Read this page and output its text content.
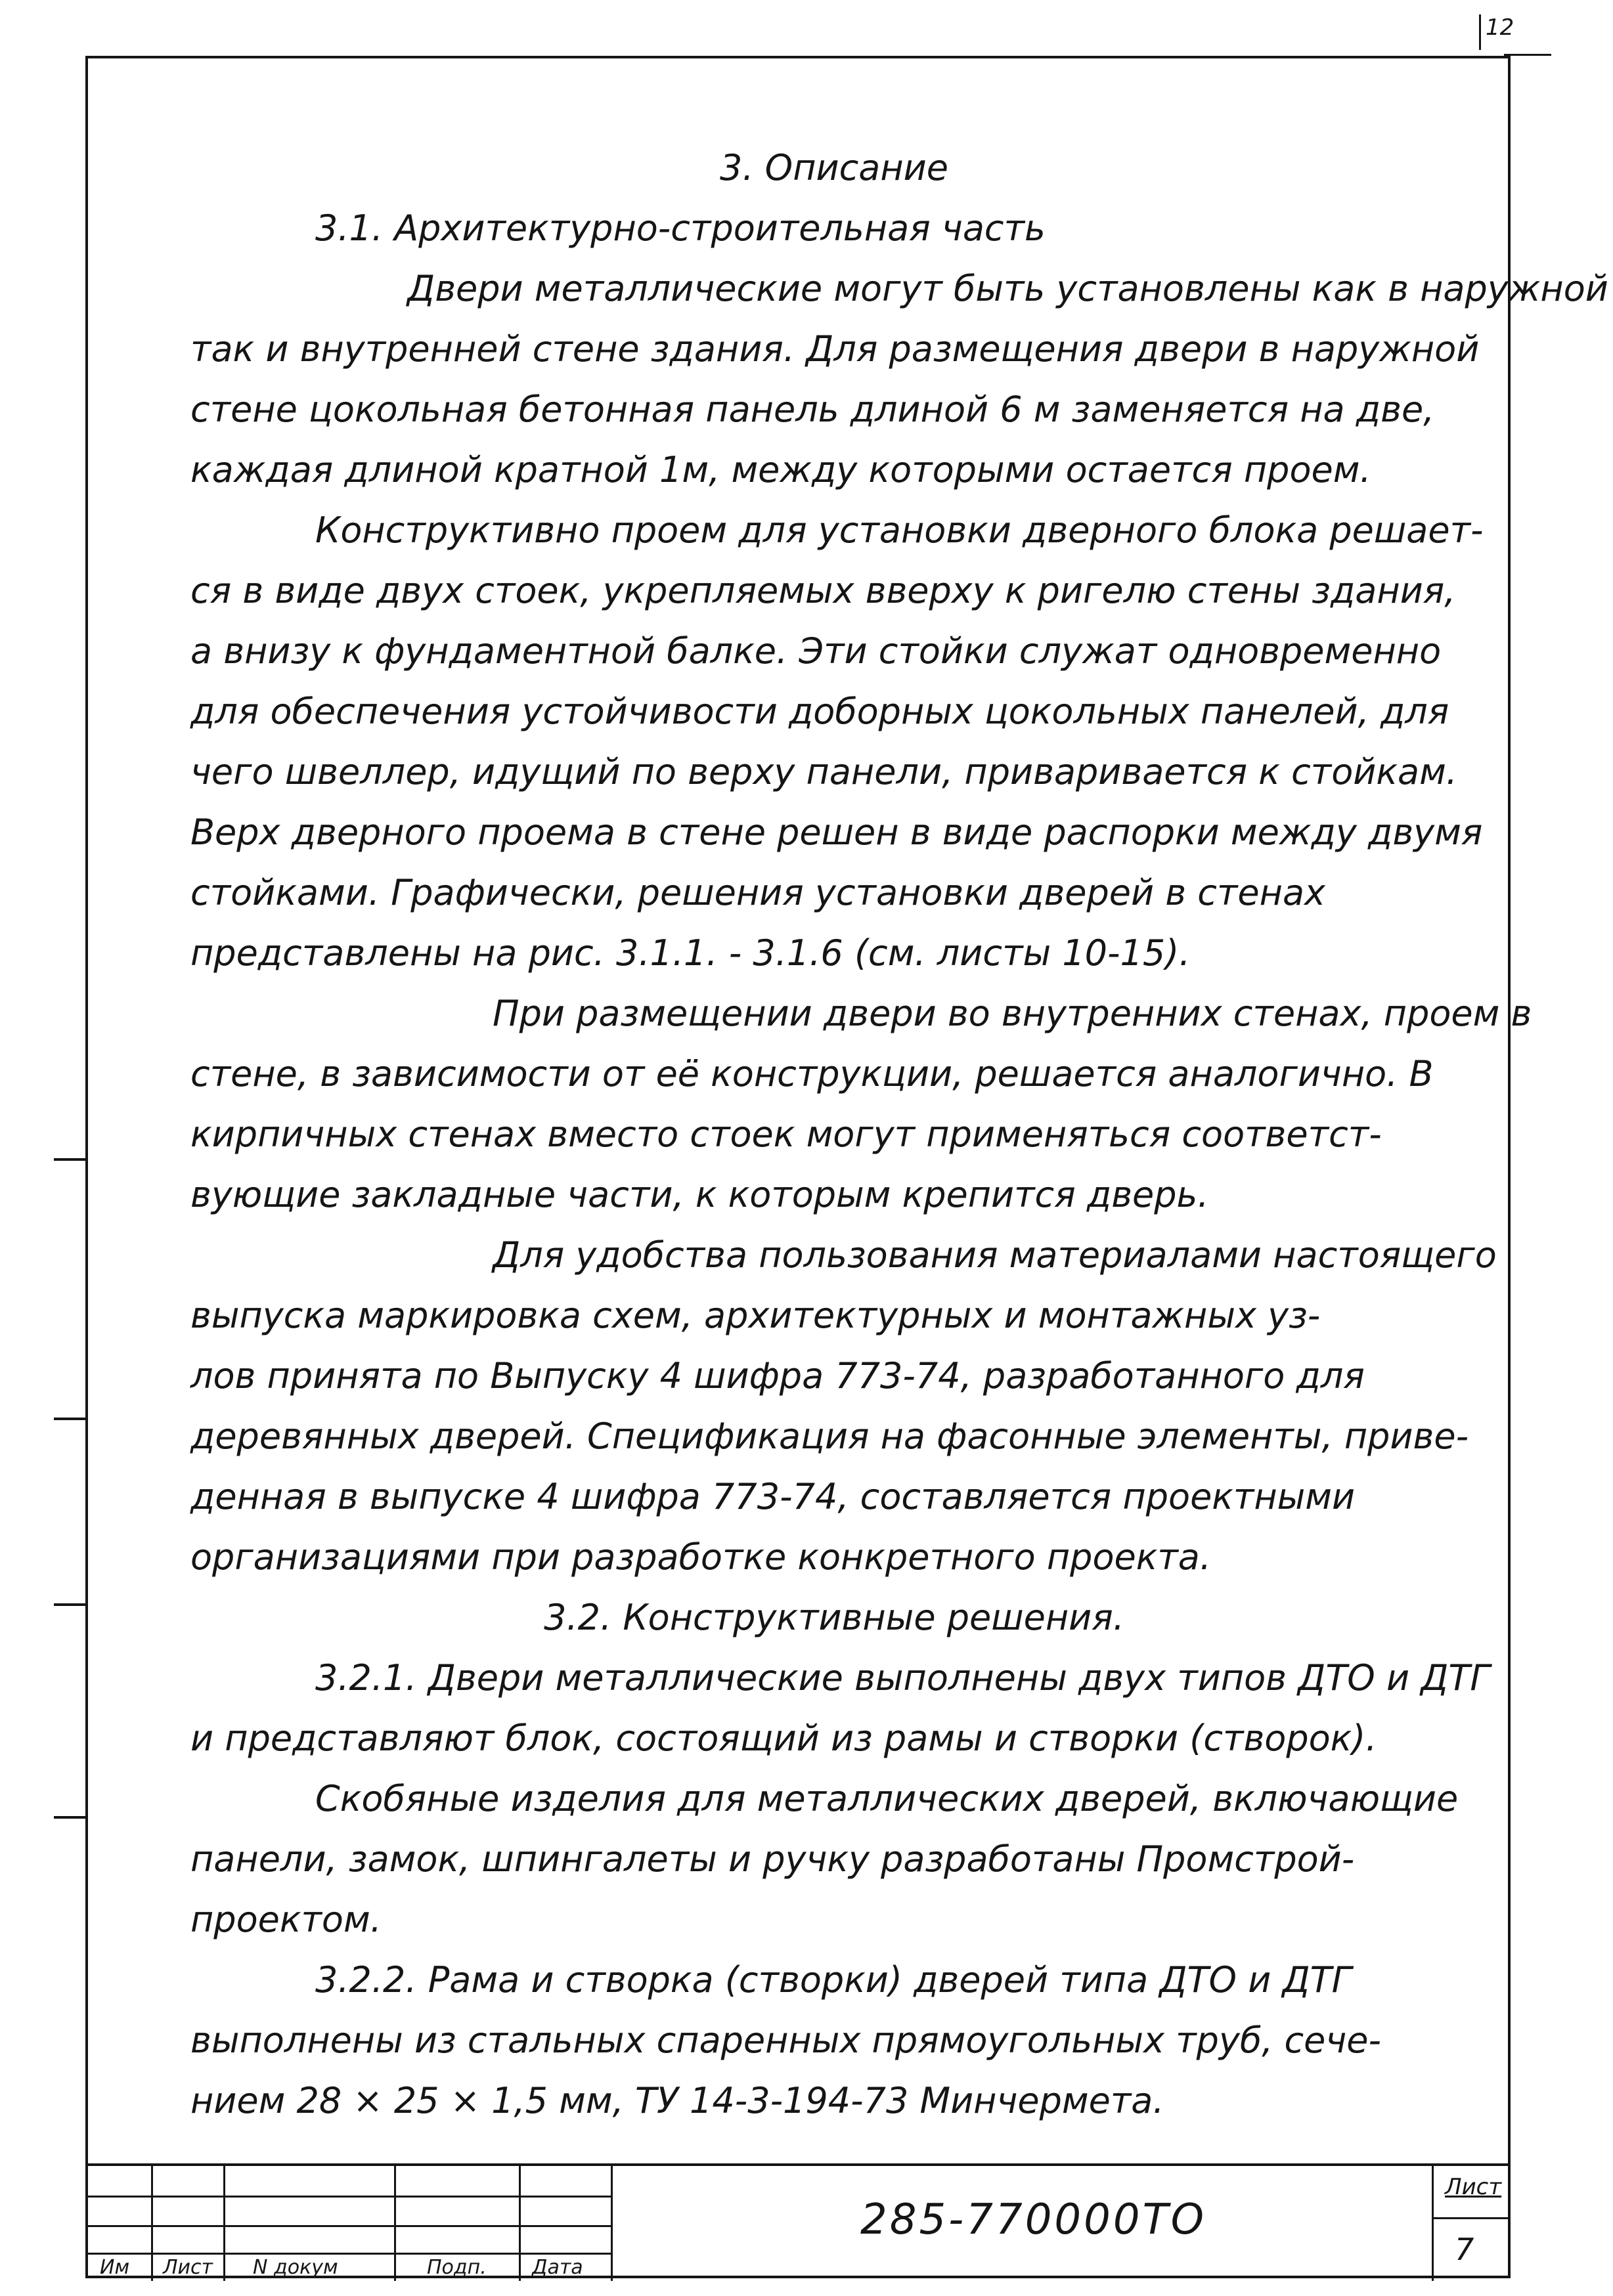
12
3. Описание
3.1. Архитектурно-строительная часть
Двери металлические могут быть установлены как в наружной
так и внутренней стене здания. Для размещения двери в наружной
стене цокольная бетонная панель длиной 6 м заменяется на две,
каждая длиной кратной 1м, между которыми остается проем.
Конструктивно проем для установки дверного блока решает-
ся в виде двух стоек, укрепляемых вверху к ригелю стены здания,
а внизу к фундаментной балке. Эти стойки служат одновременно
для обеспечения устойчивости доборных цокольных панелей, для
чего швеллер, идущий по верху панели, приваривается к стойкам.
Верх дверного проема в стене решен в виде распорки между двумя
стойками. Графически, решения установки дверей в стенах
представлены на рис. 3.1.1. - 3.1.6 (см. листы 10-15).
При размещении двери во внутренних стенах, проем в
стене, в зависимости от её конструкции, решается аналогично. В
кирпичных стенах вместо стоек могут применяться соответст-
вующие закладные части, к которым крепится дверь.
Для удобства пользования материалами настоящего
выпуска маркировка схем, архитектурных и монтажных уз-
лов принята по Выпуску 4 шифра 773-74, разработанного для
деревянных дверей. Спецификация на фасонные элементы, приве-
денная в выпуске 4 шифра 773-74, составляется проектными
организациями при разработке конкретного проекта.
3.2. Конструктивные решения.
3.2.1. Двери металлические выполнены двух типов ДТО и ДТГ
и представляют блок, состоящий из рамы и створки (створок).
Скобяные изделия для металлических дверей, включающие
панели, замок, шпингалеты и ручку разработаны Промстрой-
проектом.
3.2.2. Рама и створка (створки) дверей типа ДТО и ДТГ
выполнены из стальных спаренных прямоугольных труб, сече-
нием 28 × 25 × 1,5 мм, ТУ 14-3-194-73 Минчермета.
Им Лист N докум	Подп. Дата
285-770000ТО
Лист
7
